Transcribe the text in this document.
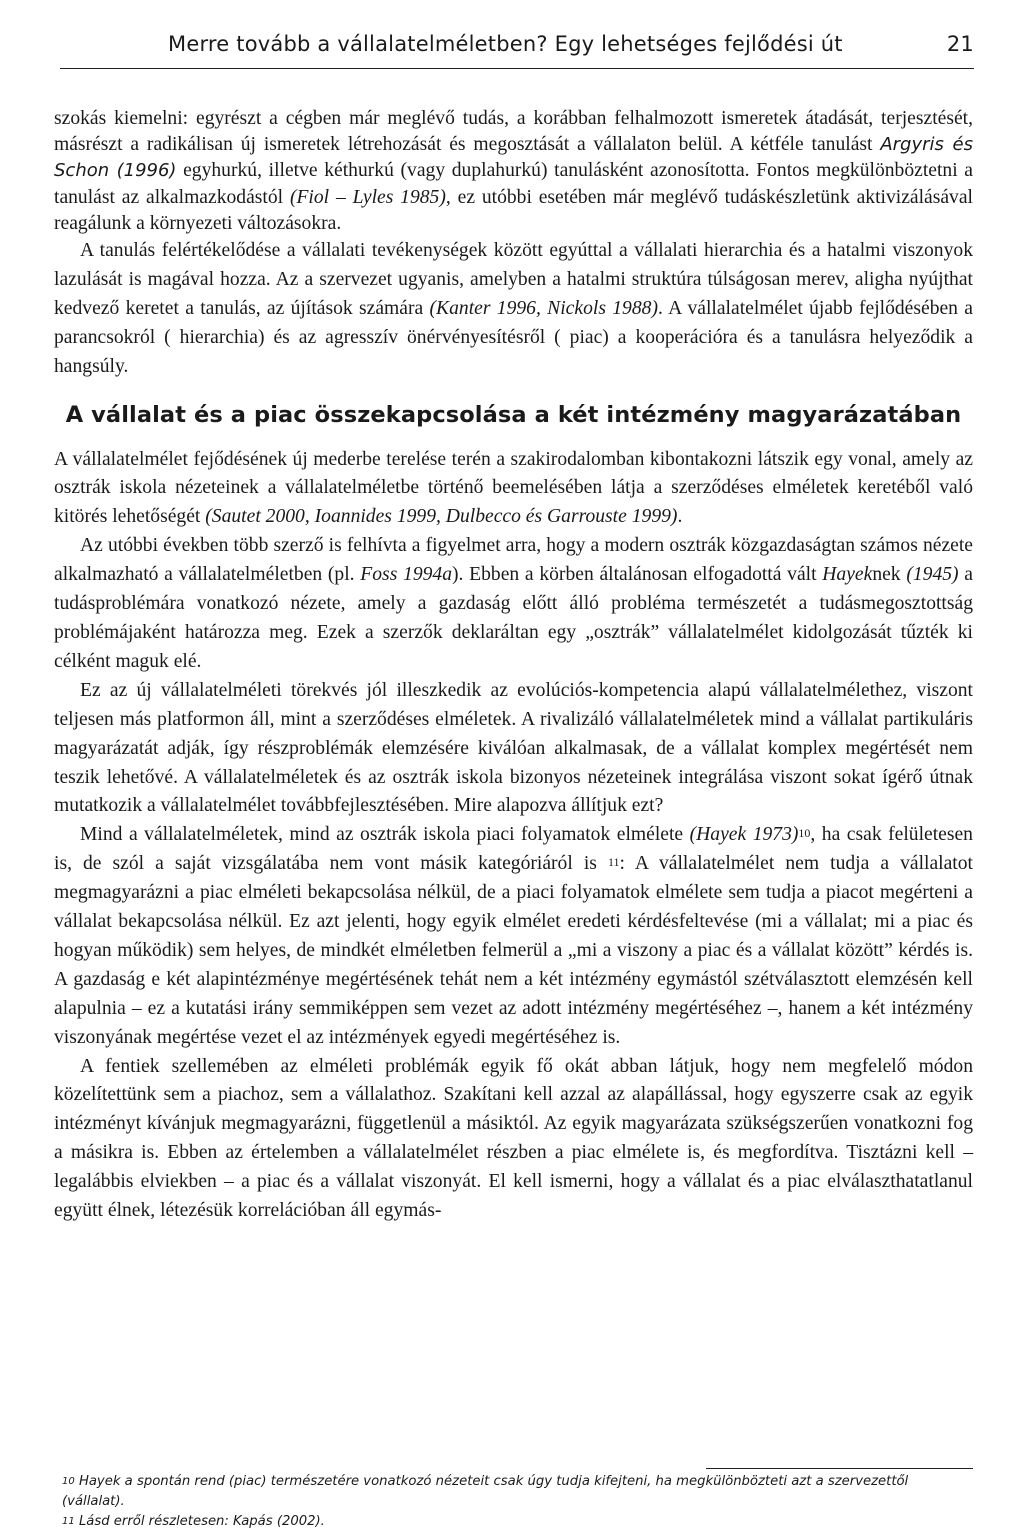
Merre tovább a vállalatelméletben? Egy lehetséges fejlődési út	21

szokás kiemelni: egyrészt a cégben már meglévő tudás, a korábban felhalmozott ismeretek átadását, terjesztését, másrészt a radikálisan új ismeretek létrehozását és megosztását a vállalaton belül. A kétféle tanulást Argyris és Schon (1996) egyhurkú, illetve kéthurkú (vagy duplahurkú) tanulásként azonosította. Fontos megkülönböztetni a tanulást az alkalmazkodástól (Fiol – Lyles 1985), ez utóbbi esetében már meglévő tudáskészletünk aktivizálásával reagálunk a környezeti változásokra.

A tanulás felértékelődése a vállalati tevékenységek között egyúttal a vállalati hierarchia és a hatalmi viszonyok lazulását is magával hozza. Az a szervezet ugyanis, amelyben a hatalmi struktúra túlságosan merev, aligha nyújthat kedvező keretet a tanulás, az újítások számára (Kanter 1996, Nickols 1988). A vállalatelmélet újabb fejlődésében a parancsokról ( hierarchia) és az agresszív önérvényesítésről ( piac) a kooperációra és a tanulásra helyeződik a hangsúly.

A vállalat és a piac összekapcsolása a két intézmény magyarázatában

A vállalatelmélet fejődésének új mederbe terelése terén a szakirodalomban kibontakozni látszik egy vonal, amely az osztrák iskola nézeteinek a vállalatelméletbe történő beemelésében látja a szerződéses elméletek keretéből való kitörés lehetőségét (Sautet 2000, Ioannides 1999, Dulbecco és Garrouste 1999).

Az utóbbi években több szerző is felhívta a figyelmet arra, hogy a modern osztrák közgazdaságtan számos nézete alkalmazható a vállalatelméletben (pl. Foss 1994a). Ebben a körben általánosan elfogadottá vált Hayeknek (1945) a tudásproblémára vonatkozó nézete, amely a gazdaság előtt álló probléma természetét a tudásmegosztottság problémájaként határozza meg. Ezek a szerzők deklaráltan egy „osztrák” vállalatelmélet kidolgozását tűzték ki célként maguk elé.

Ez az új vállalatelméleti törekvés jól illeszkedik az evolúciós-kompetencia alapú vállalatelmélethez, viszont teljesen más platformon áll, mint a szerződéses elméletek. A rivalizáló vállalatelméletek mind a vállalat partikuláris magyarázatát adják, így részproblémák elemzésére kiválóan alkalmasak, de a vállalat komplex megértését nem teszik lehetővé. A vállalatelméletek és az osztrák iskola bizonyos nézeteinek integrálása viszont sokat ígérő útnak mutatkozik a vállalatelmélet továbbfejlesztésében. Mire alapozva állítjuk ezt?

Mind a vállalatelméletek, mind az osztrák iskola piaci folyamatok elmélete (Hayek 1973)$^{10}$, ha csak felületesen is, de szól a saját vizsgálatába nem vont másik kategóriáról is $^{11}$: A vállalatelmélet nem tudja a vállalatot megmagyarázni a piac elméleti bekapcsolása nélkül, de a piaci folyamatok elmélete sem tudja a piacot megérteni a vállalat bekapcsolása nélkül. Ez azt jelenti, hogy egyik elmélet eredeti kérdésfeltevése (mi a vállalat; mi a piac és hogyan működik) sem helyes, de mindkét elméletben felmerül a „mi a viszony a piac és a vállalat között” kérdés is. A gazdaság e két alapintézménye megértésének tehát nem a két intézmény egymástól szétválasztott elemzésén kell alapulnia – ez a kutatási irány semmiképpen sem vezet az adott intézmény megértéséhez –, hanem a két intézmény viszonyának megértése vezet el az intézmények egyedi megértéséhez is.

A fentiek szellemében az elméleti problémák egyik fő okát abban látjuk, hogy nem megfelelő módon közelítettünk sem a piachoz, sem a vállalathoz. Szakítani kell azzal az alapállással, hogy egyszerre csak az egyik intézményt kívánjuk megmagyarázni, függetlenül a másiktól. Az egyik magyarázata szükségszerűen vonatkozni fog a másikra is. Ebben az értelemben a vállalatelmélet részben a piac elmélete is, és megfordítva. Tisztázni kell – legalábbis elviekben – a piac és a vállalat viszonyát. El kell ismerni, hogy a vállalat és a piac elválaszthatatlanul együtt élnek, létezésük korrelációban áll egymás-

$^{10}$ Hayek a spontán rend (piac) természetére vonatkozó nézeteit csak úgy tudja kifejteni, ha megkülönbözteti azt a szervezettől (vállalat).

$^{11}$ Lásd erről részletesen: Kapás (2002).
